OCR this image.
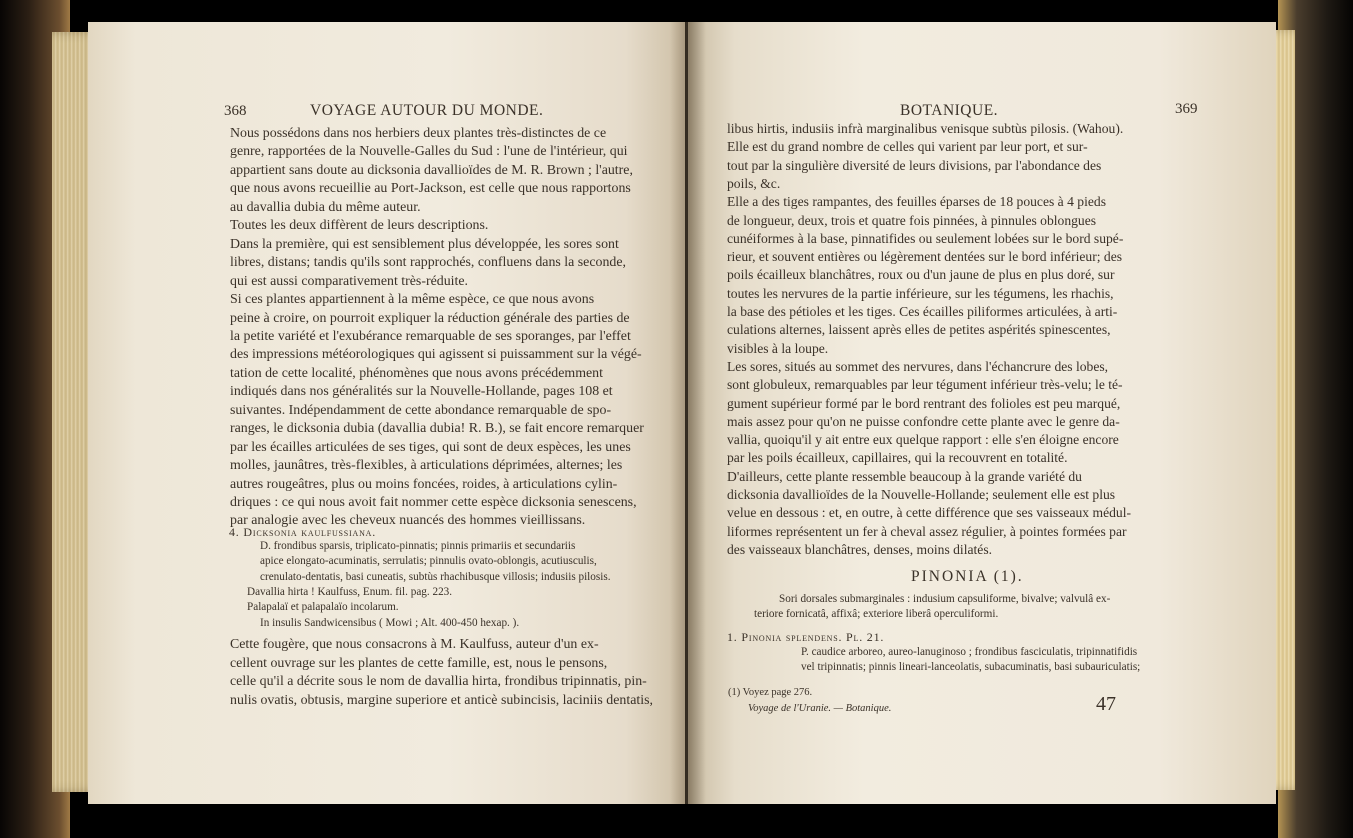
368	VOYAGE AUTOUR DU MONDE.
Nous possédons dans nos herbiers deux plantes très-distinctes de ce
genre, rapportées de la Nouvelle-Galles du Sud : l'une de l'intérieur, qui
appartient sans doute au dicksonia davallioïdes de M. R. Brown ; l'autre,
que nous avons recueillie au Port-Jackson, est celle que nous rapportons
au davallia dubia du même auteur.
Toutes les deux diffèrent de leurs descriptions.
Dans la première, qui est sensiblement plus développée, les sores sont
libres, distans; tandis qu'ils sont rapprochés, confluens dans la seconde,
qui est aussi comparativement très-réduite.
Si ces plantes appartiennent à la même espèce, ce que nous avons
peine à croire, on pourroit expliquer la réduction générale des parties de
la petite variété et l'exubérance remarquable de ses sporanges, par l'effet
des impressions météorologiques qui agissent si puissamment sur la végé-
tation de cette localité, phénomènes que nous avons précédemment
indiqués dans nos généralités sur la Nouvelle-Hollande, pages 108 et
suivantes. Indépendamment de cette abondance remarquable de spo-
ranges, le dicksonia dubia (davallia dubia! R. B.), se fait encore remarquer
par les écailles articulées de ses tiges, qui sont de deux espèces, les unes
molles, jaunâtres, très-flexibles, à articulations déprimées, alternes; les
autres rougeâtres, plus ou moins foncées, roides, à articulations cylin-
driques : ce qui nous avoit fait nommer cette espèce dicksonia senescens,
par analogie avec les cheveux nuancés des hommes vieillissans.
4. Dicksonia kaulfussiana.
D. frondibus sparsis, triplicato-pinnatis; pinnis primariis et secundariis
apice elongato-acuminatis, serrulatis; pinnulis ovato-oblongis, acutiusculis,
crenulato-dentatis, basi cuneatis, subtùs rhachibusque villosis; indusiis pilosis.
Davallia hirta ! Kaulfuss, Enum. fil. pag. 223.
Palapalaï et palapalaïo incolarum.
In insulis Sandwicensibus ( Mowi ; Alt. 400-450 hexap. ).
Cette fougère, que nous consacrons à M. Kaulfuss, auteur d'un ex-
cellent ouvrage sur les plantes de cette famille, est, nous le pensons,
celle qu'il a décrite sous le nom de davallia hirta, frondibus tripinnatis, pin-
nulis ovatis, obtusis, margine superiore et anticè subincisis, laciniis dentatis,
BOTANIQUE.	369
libus hirtis, indusiis infrà marginalibus venisque subtùs pilosis. (Wahou).
Elle est du grand nombre de celles qui varient par leur port, et sur-
tout par la singulière diversité de leurs divisions, par l'abondance des
poils, &c.
Elle a des tiges rampantes, des feuilles éparses de 18 pouces à 4 pieds
de longueur, deux, trois et quatre fois pinnées, à pinnules oblongues
cunéiformes à la base, pinnatifides ou seulement lobées sur le bord supé-
rieur, et souvent entières ou légèrement dentées sur le bord inférieur; des
poils écailleux blanchâtres, roux ou d'un jaune de plus en plus doré, sur
toutes les nervures de la partie inférieure, sur les tégumens, les rhachis,
la base des pétioles et les tiges. Ces écailles piliformes articulées, à arti-
culations alternes, laissent après elles de petites aspérités spinescentes,
visibles à la loupe.
Les sores, situés au sommet des nervures, dans l'échancrure des lobes,
sont globuleux, remarquables par leur tégument inférieur très-velu; le té-
gument supérieur formé par le bord rentrant des folioles est peu marqué,
mais assez pour qu'on ne puisse confondre cette plante avec le genre da-
vallia, quoiqu'il y ait entre eux quelque rapport : elle s'en éloigne encore
par les poils écailleux, capillaires, qui la recouvrent en totalité.
D'ailleurs, cette plante ressemble beaucoup à la grande variété du
dicksonia davallioïdes de la Nouvelle-Hollande; seulement elle est plus
velue en dessous : et, en outre, à cette différence que ses vaisseaux médul-
liformes représentent un fer à cheval assez régulier, à pointes formées par
des vaisseaux blanchâtres, denses, moins dilatés.
PINONIA (1).
Sori dorsales submarginales : indusium capsuliforme, bivalve; valvulâ ex-
teriore fornicatâ, affixâ; exteriore liberâ operculiformi.
1. Pinonia splendens. Pl. 21.
P. caudice arboreo, aureo-lanuginoso ; frondibus fasciculatis, tripinnatifidis
vel tripinnatis; pinnis lineari-lanceolatis, subacuminatis, basi subauriculatis;
(1) Voyez page 276.
Voyage de l'Uranie. — Botanique.	47
